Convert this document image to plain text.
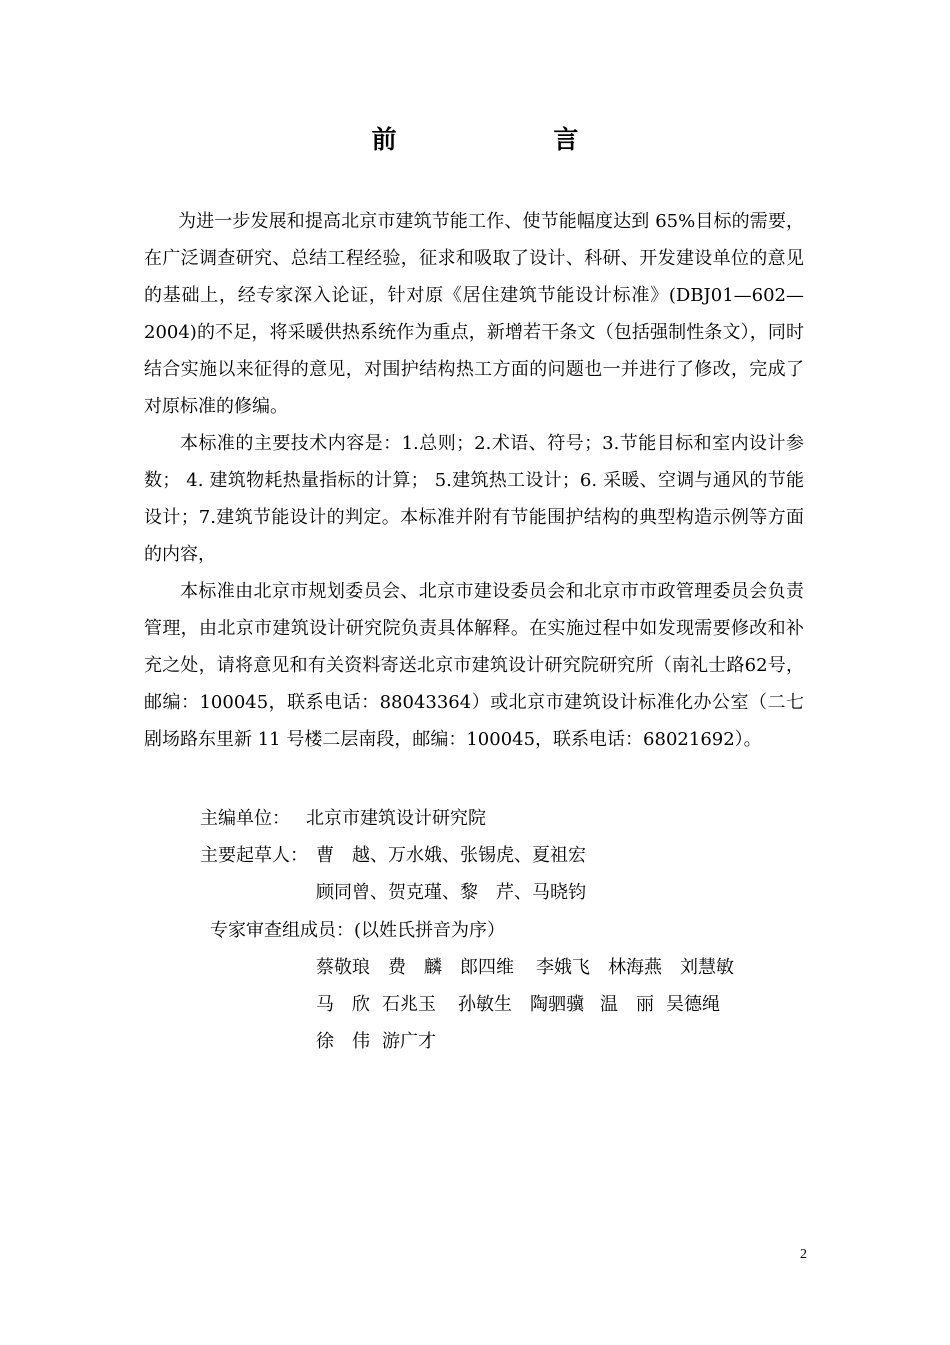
前 言

为进一步发展和提高北京市建筑节能工作、使节能幅度达到 65%目标的需要，在广泛调查研究、总结工程经验，征求和吸取了设计、科研、开发建设单位的意见的基础上，经专家深入论证，针对原《居住建筑节能设计标准》(DBJ01—602—2004)的不足，将采暖供热系统作为重点，新增若干条文（包括强制性条文），同时结合实施以来征得的意见，对围护结构热工方面的问题也一并进行了修改，完成了对原标准的修编。

本标准的主要技术内容是：1.总则；2.术语、符号；3.节能目标和室内设计参数； 4. 建筑物耗热量指标的计算； 5.建筑热工设计；6. 采暖、空调与通风的节能设计；7.建筑节能设计的判定。本标准并附有节能围护结构的典型构造示例等方面的内容，

本标准由北京市规划委员会、北京市建设委员会和北京市市政管理委员会负责管理，由北京市建筑设计研究院负责具体解释。在实施过程中如发现需要修改和补充之处，请将意见和有关资料寄送北京市建筑设计研究院研究所（南礼士路62号，邮编：100045，联系电话：88043364）或北京市建筑设计标准化办公室（二七剧场路东里新 11 号楼二层南段，邮编：100045，联系电话：68021692）。

主编单位： 北京市建筑设计研究院
主要起草人： 曹　越、万水娥、张锡虎、夏祖宏
顾同曾、贺克瑾、黎　芹、马晓钧
专家审查组成员：(以姓氏拼音为序）
蔡敬琅 费　麟 郎四维 李娥飞 林海燕 刘慧敏
马　欣 石兆玉 孙敏生 陶驷骥 温　丽 吴德绳
徐　伟 游广才
2
